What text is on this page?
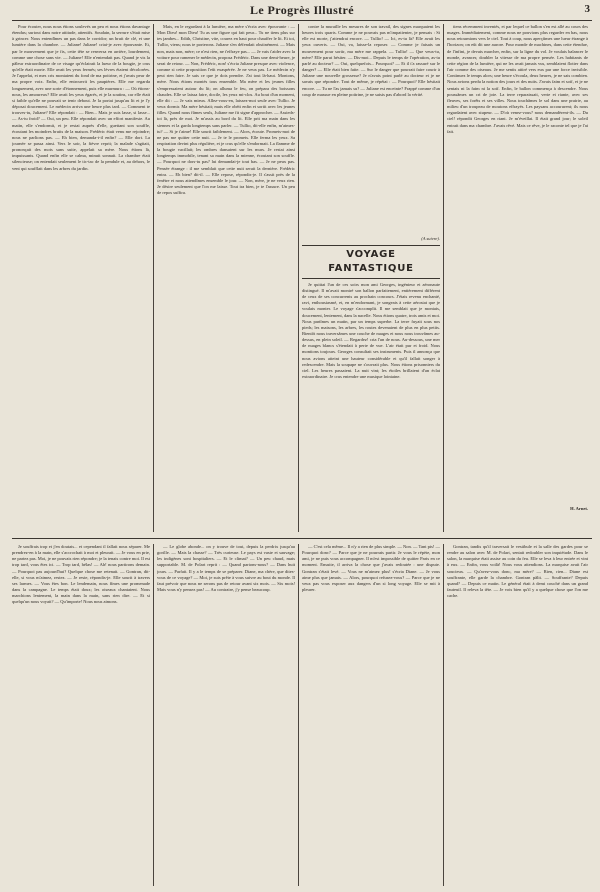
Le Progrès Illustré	3

Pour écouter, nous nous étions soulevés un peu et nous étions davantage étendus; surtout dans notre attitude, attentifs. Soudain, la serrure s'était mise à grincer. Nous entendîmes un pas dans le corridor; un bruit de clé, et une lumière dans la chambre. — Juliane! Juliane! criai-je avec épouvante. Et, par le mouvement que je fis, cette tête se renversa en arrière, lourdement, comme une chose sans vie. — Juliane! Elle n'entendait pas. Quand je vis la pâleur extraordinaire de ce visage qu'éclairait la lueur de la bougie, je crus qu'elle était morte. Elle avait les yeux fermés; ses lèvres étaient décolorées. Je l'appelai, et mes cris montaient du fond de ma poitrine, et j'avais peur de ma propre voix. Enfin, elle entrouvrit les paupières. Elle me regarda longuement, avec une sorte d'étonnement, puis elle murmura : — Où étions-nous, les amoureux? Elle avait les yeux égarés, et je la soutins, car elle était si faible qu'elle ne pouvait se tenir debout. Je la portai jusqu'au lit et je l'y déposai doucement. Le médecin arriva une heure plus tard. — Comment te trouves-tu, Juliane? Elle répondait : — Bien... Mais je suis lasse, si lasse... — As-tu froid? — Oui, un peu. Elle répondait avec un effort manifeste. Au matin, elle s'endormit, et je restai auprès d'elle, guettant son souffle, écoutant les moindres bruits de la maison. Frédéric était venu me rejoindre; nous ne parlions pas. — Eh bien, demanda-t-il enfin? — Elle dort. La journée se passa ainsi. Vers le soir, la fièvre reprit; la malade s'agitait, prononçait des mots sans suite, appelait sa mère. Nous étions là, impuissants. Quand enfin elle se calma, minuit sonnait. La chambre était silencieuse; on entendait seulement le tic-tac de la pendule et, au dehors, le vent qui soufflait dans les arbres du jardin.

Mais, en le regardant à la lumière, ma mère s'écria avec épouvante : — Mon Dieu! mon Dieu! Tu as une figure qui fait peur... Tu ne tiens plus sur tes jambes... Edith, Christine, vite, courez en haut pour chauffer le lit. Et toi, Tullio, viens; nous te porterons. Juliane s'en défendait obstinément. — Mais non, mais non, mère; ce n'est rien, ne t'effraye pas... — Je vais t'aider avec la voiture pour ramener le médecin, proposa Frédéric. Dans une demi-heure, je serai de retour. — Non, Frédéric, non! s'écria Juliane presque avec violence, comme si cette proposition l'eût exaspérée. Je ne veux pas. Le médecin n'y peut rien faire. Je sais ce que je dois prendre. J'ai tout là-haut. Montons, mère. Nous étions montés tous ensemble. Ma mère et les jeunes filles s'empressaient autour du lit; on alluma le feu, on prépara des boissons chaudes. Elle se laissa faire, docile, les yeux mi-clos. Au bout d'un moment, elle dit : — Je vais mieux. Allez-vous-en, laissez-moi seule avec Tullio. Je veux dormir. Ma mère hésitait; mais elle obéit enfin et sortit avec les jeunes filles. Quand nous fûmes seuls, Juliane me fit signe d'approcher. — Assieds-toi là, près de moi. Je m'assis au bord du lit. Elle prit ma main dans les siennes et la garda longtemps sans parler. — Tullio, dit-elle enfin, m'aimes-tu? — Si je t'aime! Elle sourit faiblement. — Alors, écoute. Promets-moi de ne pas me quitter cette nuit. — Je te le promets. Elle ferma les yeux. Sa respiration devint plus régulière, et je crus qu'elle s'endormait. La flamme de la bougie vacillait; les ombres dansaient sur les murs. Je restai ainsi longtemps immobile, tenant sa main dans la mienne, écoutant son souffle. — Pourquoi ne dors-tu pas? lui demandai-je tout bas. — Je ne peux pas. Pensée étrange : il me semblait que cette nuit serait la dernière. Frédéric entra. — Eh bien? dit-il. — Elle repose, répondis-je. Il s'assit près de la fenêtre et nous attendîmes ensemble le jour. — Non, mère, je ne veux rien. Je désire seulement que l'on me laisse. Tout ira bien, je te l'assure. Un peu de repos suffira.

contre la muraille les mesures de son travail, des signes marquaient les heures trois quarts. Comme je ne pouvais pas m'impatienter, je pensais : Si elle est morte, j'attendrai encore. — Tullio! — Ici, es-tu là? Elle avait les yeux ouverts. — Oui, va, laisse-la reposer. — Comme je faisais un mouvement pour sortir, ma mère me rappela. — Tullio! — Que veux-tu, mère? Elle parut hésiter. — Dis-moi... Depuis le temps de l'opération, as-tu parlé au docteur? — Oui, quelquefois... Pourquoi? — Et il t'a rassuré sur le danger? — Elle était bien faite. — Sur le danger que pourrait faire courir à Juliane une nouvelle grossesse? Je n'avais point parlé au docteur et je ne savais que répondre. Tout de même, je répétai : — Pourquoi? Elle hésitait encore. — Tu ne l'as jamais su? — Juliane est enceinte? Frappé comme d'un coup de massue en pleine poitrine, je ne saisis pas d'abord la vérité.

(A suivre).
VOYAGE FANTASTIQUE

Je quittai l'un de ces soirs mon ami Georges, ingénieur et aéronaute distingué. Il m'avait montré son ballon parfaitement, entièrement différent de ceux de ses concurrents au prochain concours. J'étais revenu enchanté, ravi, enthousiasmé, et, en m'endormant, je songeais à cette aérostat que je voulais monter. Le voyage s'accomplit. Il me semblait que je montais, doucement, lentement, dans la nacelle. Nous étions quatre, trois amis et moi. Nous partîmes un matin, par un temps superbe. La terre fuyait sous nos pieds; les maisons, les arbres, les routes devenaient de plus en plus petits. Bientôt nous traversâmes une couche de nuages et nous nous trouvâmes au-dessus, en plein soleil. — Regardez! cria l'un de nous. Au-dessous, une mer de nuages blancs s'étendait à perte de vue. L'air était pur et froid. Nous montions toujours. Georges consultait ses instruments. Puis il annonça que nous avions atteint une hauteur considérable et qu'il fallait songer à redescendre. Mais la soupape ne s'ouvrait plus. Nous étions prisonniers du ciel. Les heures passaient. La nuit vint; les étoiles brillaient d'un éclat extraordinaire. Je crus entendre une musique lointaine.

tiens récemment inventés, et par lequel ce ballon s'en est allé au cours des nuages. Immédiatement, comme nous ne pouvions plus regarder en bas, nous nous retournions vers le ciel. Tout à coup, nous aperçûmes une lueur étrange à l'horizon; on eût dit une aurore. Pour monde de machines, dans cette étendue, de l'infini, je devais marcher, enfin, sur la ligne du vol. Je voulais balancer le monde, avancer, doubler la vitesse de ma propre pensée. Les habitants de cette région de la lumière, qui ne les avait jamais vus, semblaient flotter dans l'air comme des oiseaux. Je me sentis attiré vers eux par une force invisible. Continuez le temps alors; une heure s'écoula, deux heures, je ne sais combien. Nous avions perdu la notion des jours et des nuits. J'avais faim et soif, et je ne sentais ni la faim ni la soif. Enfin, le ballon commença à descendre. Nous poussâmes un cri de joie. La terre reparaissait, verte et riante, avec ses fleuves, ses forêts et ses villes. Nous touchâmes le sol dans une prairie, au milieu d'un troupeau de moutons effrayés. Les paysans accoururent; ils nous regardaient avec stupeur. — D'où venez-vous? nous demandèrent-ils. — Du ciel! répondit Georges en riant. Je m'éveillai. Il était grand jour; le soleil entrait dans ma chambre. J'avais rêvé. Mais ce rêve, je le raconte tel que je l'ai fait.

H. Arnet.

Je souffrais trop et j'en doutais... et cependant il fallait nous séparer. Me prendrez-en à la main, elle s'accrochait à moi et pleurait. — Je vous en prie, ne partez pas. Moi, je ne pouvais rien répondre; je la tenais contre moi. Il est trop tard, vous êtes ici. — Trop tard, hélas! — Ah! nous partirons demain. — Pourquoi pas aujourd'hui? Quelque chose me retenait. — Gontran, dit-elle, si vous m'aimez, restez. — Je reste, répondis-je. Elle sourit à travers ses larmes. — Vous êtes bon. Le lendemain, nous fîmes une promenade dans la campagne. Le temps était doux; les oiseaux chantaient. Nous marchions lentement, la main dans la main, sans rien dire. — Et si quelqu'un nous voyait? — Qu'importe! Nous nous aimons.

— Le globe abonde... on y trouve de tout, depuis la perdrix jusqu'au gorille. — Mais la chasse? — Très curieuse. Le pays est vaste et sauvage; les indigènes sont hospitaliers. — Et le climat? — Un peu chaud, mais supportable. M. de Polart reprit : — Quand partons-nous? — Dans huit jours. — Parfait. Il y a le temps de se préparer. Diane, ma chère, que dites-vous de ce voyage? — Moi, je suis prête à vous suivre au bout du monde. Il faut prévoir que nous ne serons pas de retour avant six mois. — Six mois! Mais vous n'y pensez pas! — Au contraire, j'y pense beaucoup.

— C'est cela même... Il n'y a rien de plus simple. — Non. — Tant pis! — Pourquoi donc? — Parce que je ne pourrais partir. Je vous le répète, mon ami, je ne puis vous accompagner. Il m'est impossible de quitter Paris en ce moment. Ensuite, il arriva la chose que j'avais redoutée : une dispute. Gontran s'était levé. — Vous ne m'aimez plus! s'écria Diane. — Je vous aime plus que jamais. — Alors, pourquoi refusez-vous? — Parce que je ne veux pas vous exposer aux dangers d'un si long voyage. Elle se mit à pleurer.

Gontran, tandis qu'il traversait le vestibule et la salle des gardes pour se rendre au salon avec M. de Polart, sentait redoubler son inquiétude. Dans le salon, la marquise était assise au coin du feu. Elle se leva à leur entrée et vint à eux. — Enfin, vous voilà! Nous vous attendions. La marquise avait l'air soucieux. — Qu'avez-vous donc, ma mère? — Rien, rien... Diane est souffrante, elle garde la chambre. Gontran pâlit. — Souffrante? Depuis quand? — Depuis ce matin. Le général était à demi couché dans un grand fauteuil. Il releva la tête. — Je vois bien qu'il y a quelque chose que l'on me cache.
